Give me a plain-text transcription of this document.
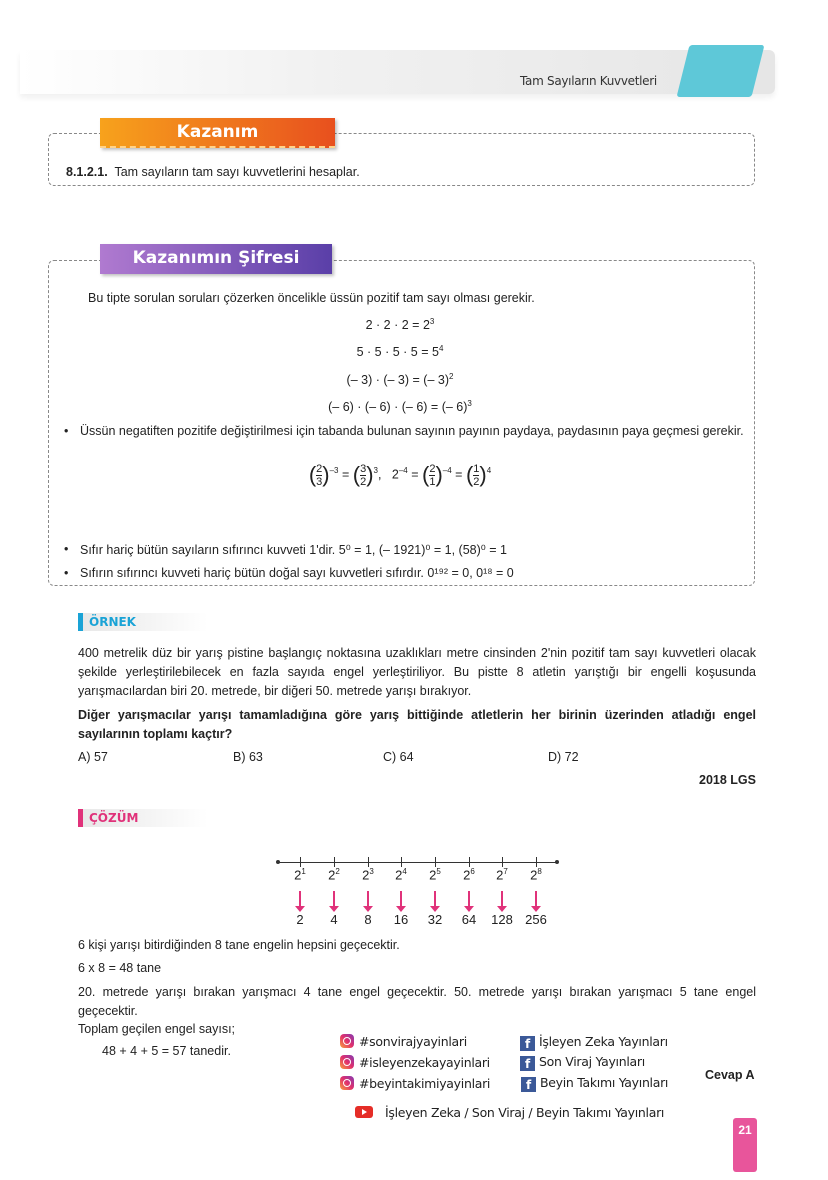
Tam Sayıların Kuvvetleri
Kazanım
8.1.2.1. Tam sayıların tam sayı kuvvetlerini hesaplar.
Kazanımın Şifresi
Bu tipte sorulan soruları çözerken öncelikle üssün pozitif tam sayı olması gerekir.
$2 \cdot 2 \cdot 2 = 2^3$
$5 \cdot 5 \cdot 5 \cdot 5 = 5^4$
(– 3) · (– 3) = (– 3)$^2$
(– 6) · (– 6) · (– 6) = (– 6)$^3$
• Üssün negatiften pozitife değiştirilmesi için tabanda bulunan sayının payının paydaya, paydasının paya geçmesi gerekir.
( $\frac{2}{3} )^{-3}$ = ( $\frac{3}{2} )^3$,   $2^{-4}$ = ( $\frac{2}{1} )^{-4}$ = ( $\frac{1}{2} )^4$
• Sıfır hariç bütün sayıların sıfırıncı kuvveti 1'dir. 5⁰ = 1, (– 1921)⁰ = 1, (58)⁰ = 1
• Sıfırın sıfırıncı kuvveti hariç bütün doğal sayı kuvvetleri sıfırdır. 0¹⁹² = 0, 0¹⁸ = 0
ÖRNEK
400 metrelik düz bir yarış pistine başlangıç noktasına uzaklıkları metre cinsinden 2'nin pozitif tam sayı kuvvetleri olacak şekilde yerleştirilebilecek en fazla sayıda engel yerleştiriliyor. Bu pistte 8 atletin yarıştığı bir engelli koşusunda yarışmacılardan biri 20. metrede, bir diğeri 50. metrede yarışı bırakıyor.
Diğer yarışmacılar yarışı tamamladığına göre yarış bittiğinde atletlerin her birinin üzerinden atladığı engel sayılarının toplamı kaçtır?
A) 57	B) 63	C) 64	D) 72
2018 LGS
ÇÖZÜM
$2^1$
2
$2^2$
4
$2^3$
8
$2^4$
16
$2^5$
32
$2^6$
64
$2^7$
128
$2^8$
256
6 kişi yarışı bitirdiğinden 8 tane engelin hepsini geçecektir.
6 x 8 = 48 tane
20. metrede yarışı bırakan yarışmacı 4 tane engel geçecektir. 50. metrede yarışı bırakan yarışmacı 5 tane engel geçecektir.
Toplam geçilen engel sayısı;
48 + 4 + 5 = 57 tanedir.
Cevap A
#sonvirajyayinlari
#isleyenzekayayinlari
#beyintakimiyayinlari
f İşleyen Zeka Yayınları
f Son Viraj Yayınları
f Beyin Takımı Yayınları
İşleyen Zeka / Son Viraj / Beyin Takımı Yayınları
21
